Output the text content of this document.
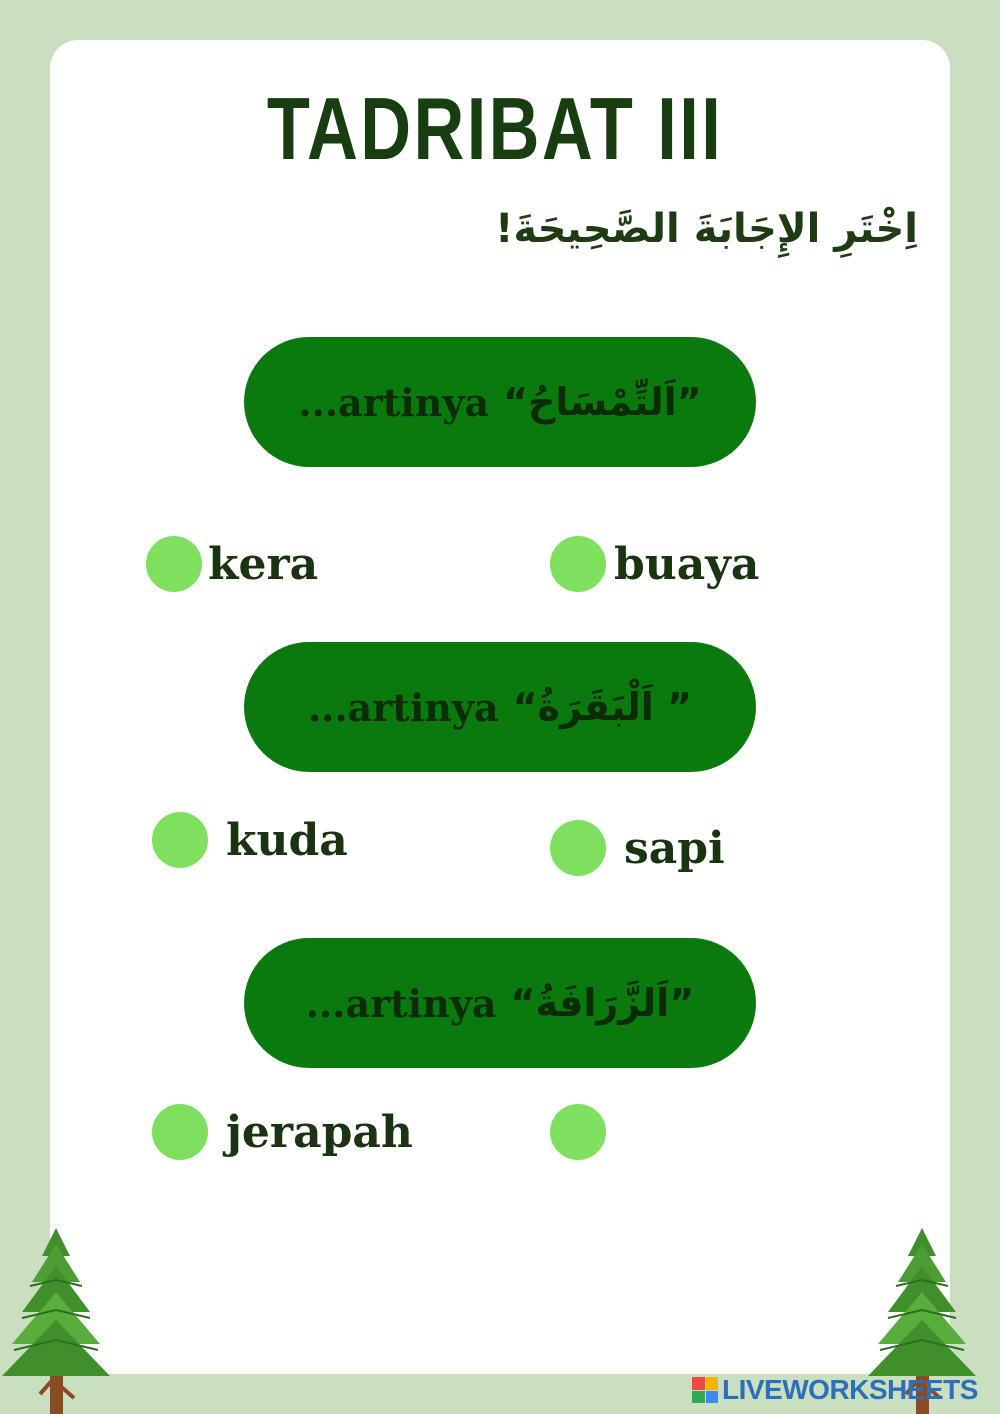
TADRIBAT III
اِخْتَرِ الإِجَابَةَ الصَّحِيحَةَ!
...artinya “اَلتِّمْسَاحُ”
kera	buaya
...artinya “اَلْبَقَرَةُ ”
kuda	sapi
...artinya “اَلزَّرَافَةُ”
jerapah
LIVEWORKSHEETS
